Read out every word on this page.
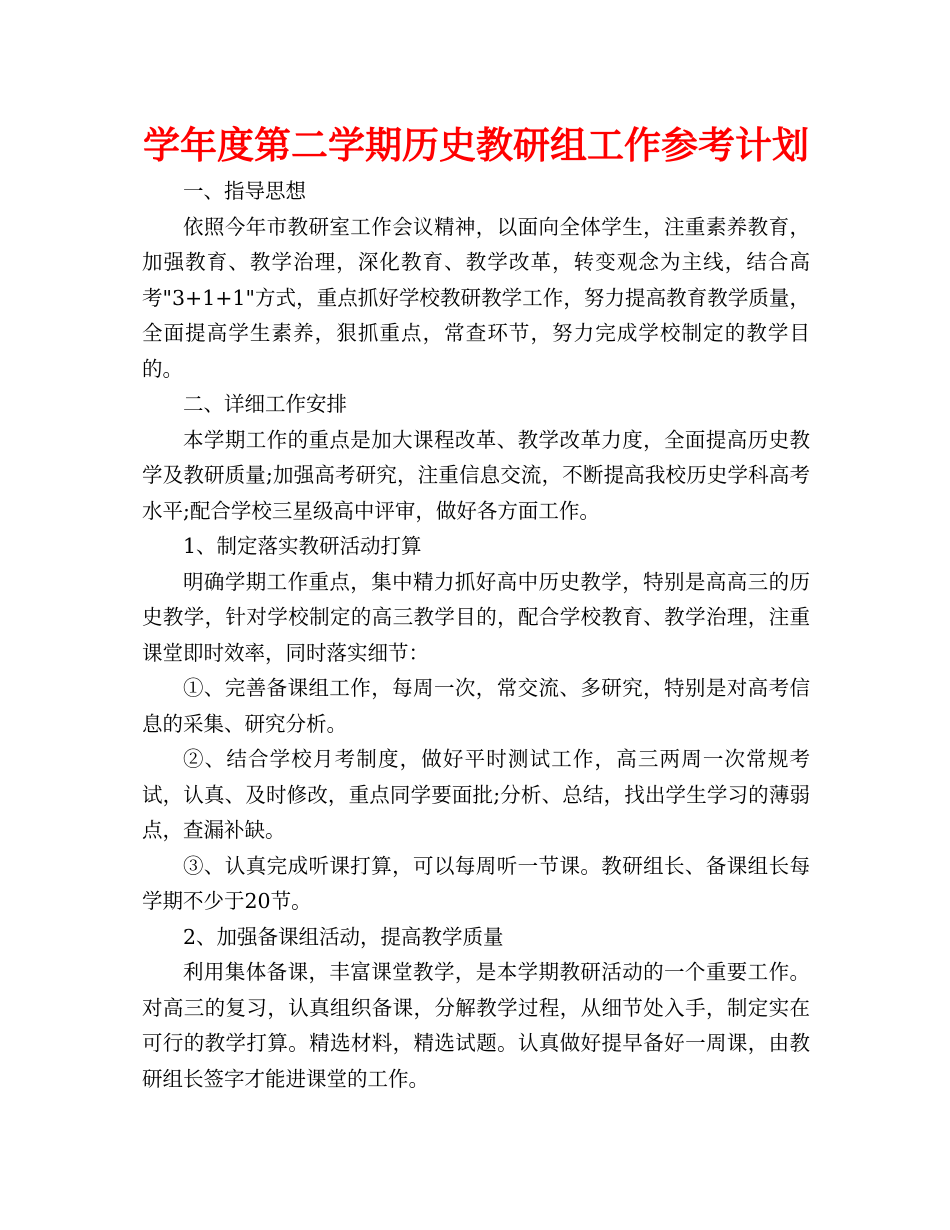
学年度第二学期历史教研组工作参考计划

一、指导思想

依照今年市教研室工作会议精神，以面向全体学生，注重素养教育，加强教育、教学治理，深化教育、教学改革，转变观念为主线，结合高考"3+1+1"方式，重点抓好学校教研教学工作，努力提高教育教学质量，全面提高学生素养，狠抓重点，常查环节，努力完成学校制定的教学目的。

二、详细工作安排

本学期工作的重点是加大课程改革、教学改革力度，全面提高历史教学及教研质量;加强高考研究，注重信息交流，不断提高我校历史学科高考水平;配合学校三星级高中评审，做好各方面工作。

1、制定落实教研活动打算

明确学期工作重点，集中精力抓好高中历史教学，特别是高高三的历史教学，针对学校制定的高三教学目的，配合学校教育、教学治理，注重课堂即时效率，同时落实细节：

①、完善备课组工作，每周一次，常交流、多研究，特别是对高考信息的采集、研究分析。

②、结合学校月考制度，做好平时测试工作，高三两周一次常规考试，认真、及时修改，重点同学要面批;分析、总结，找出学生学习的薄弱点，查漏补缺。

③、认真完成听课打算，可以每周听一节课。教研组长、备课组长每学期不少于20节。

2、加强备课组活动，提高教学质量

利用集体备课，丰富课堂教学，是本学期教研活动的一个重要工作。对高三的复习，认真组织备课，分解教学过程，从细节处入手，制定实在可行的教学打算。精选材料，精选试题。认真做好提早备好一周课，由教研组长签字才能进课堂的工作。
